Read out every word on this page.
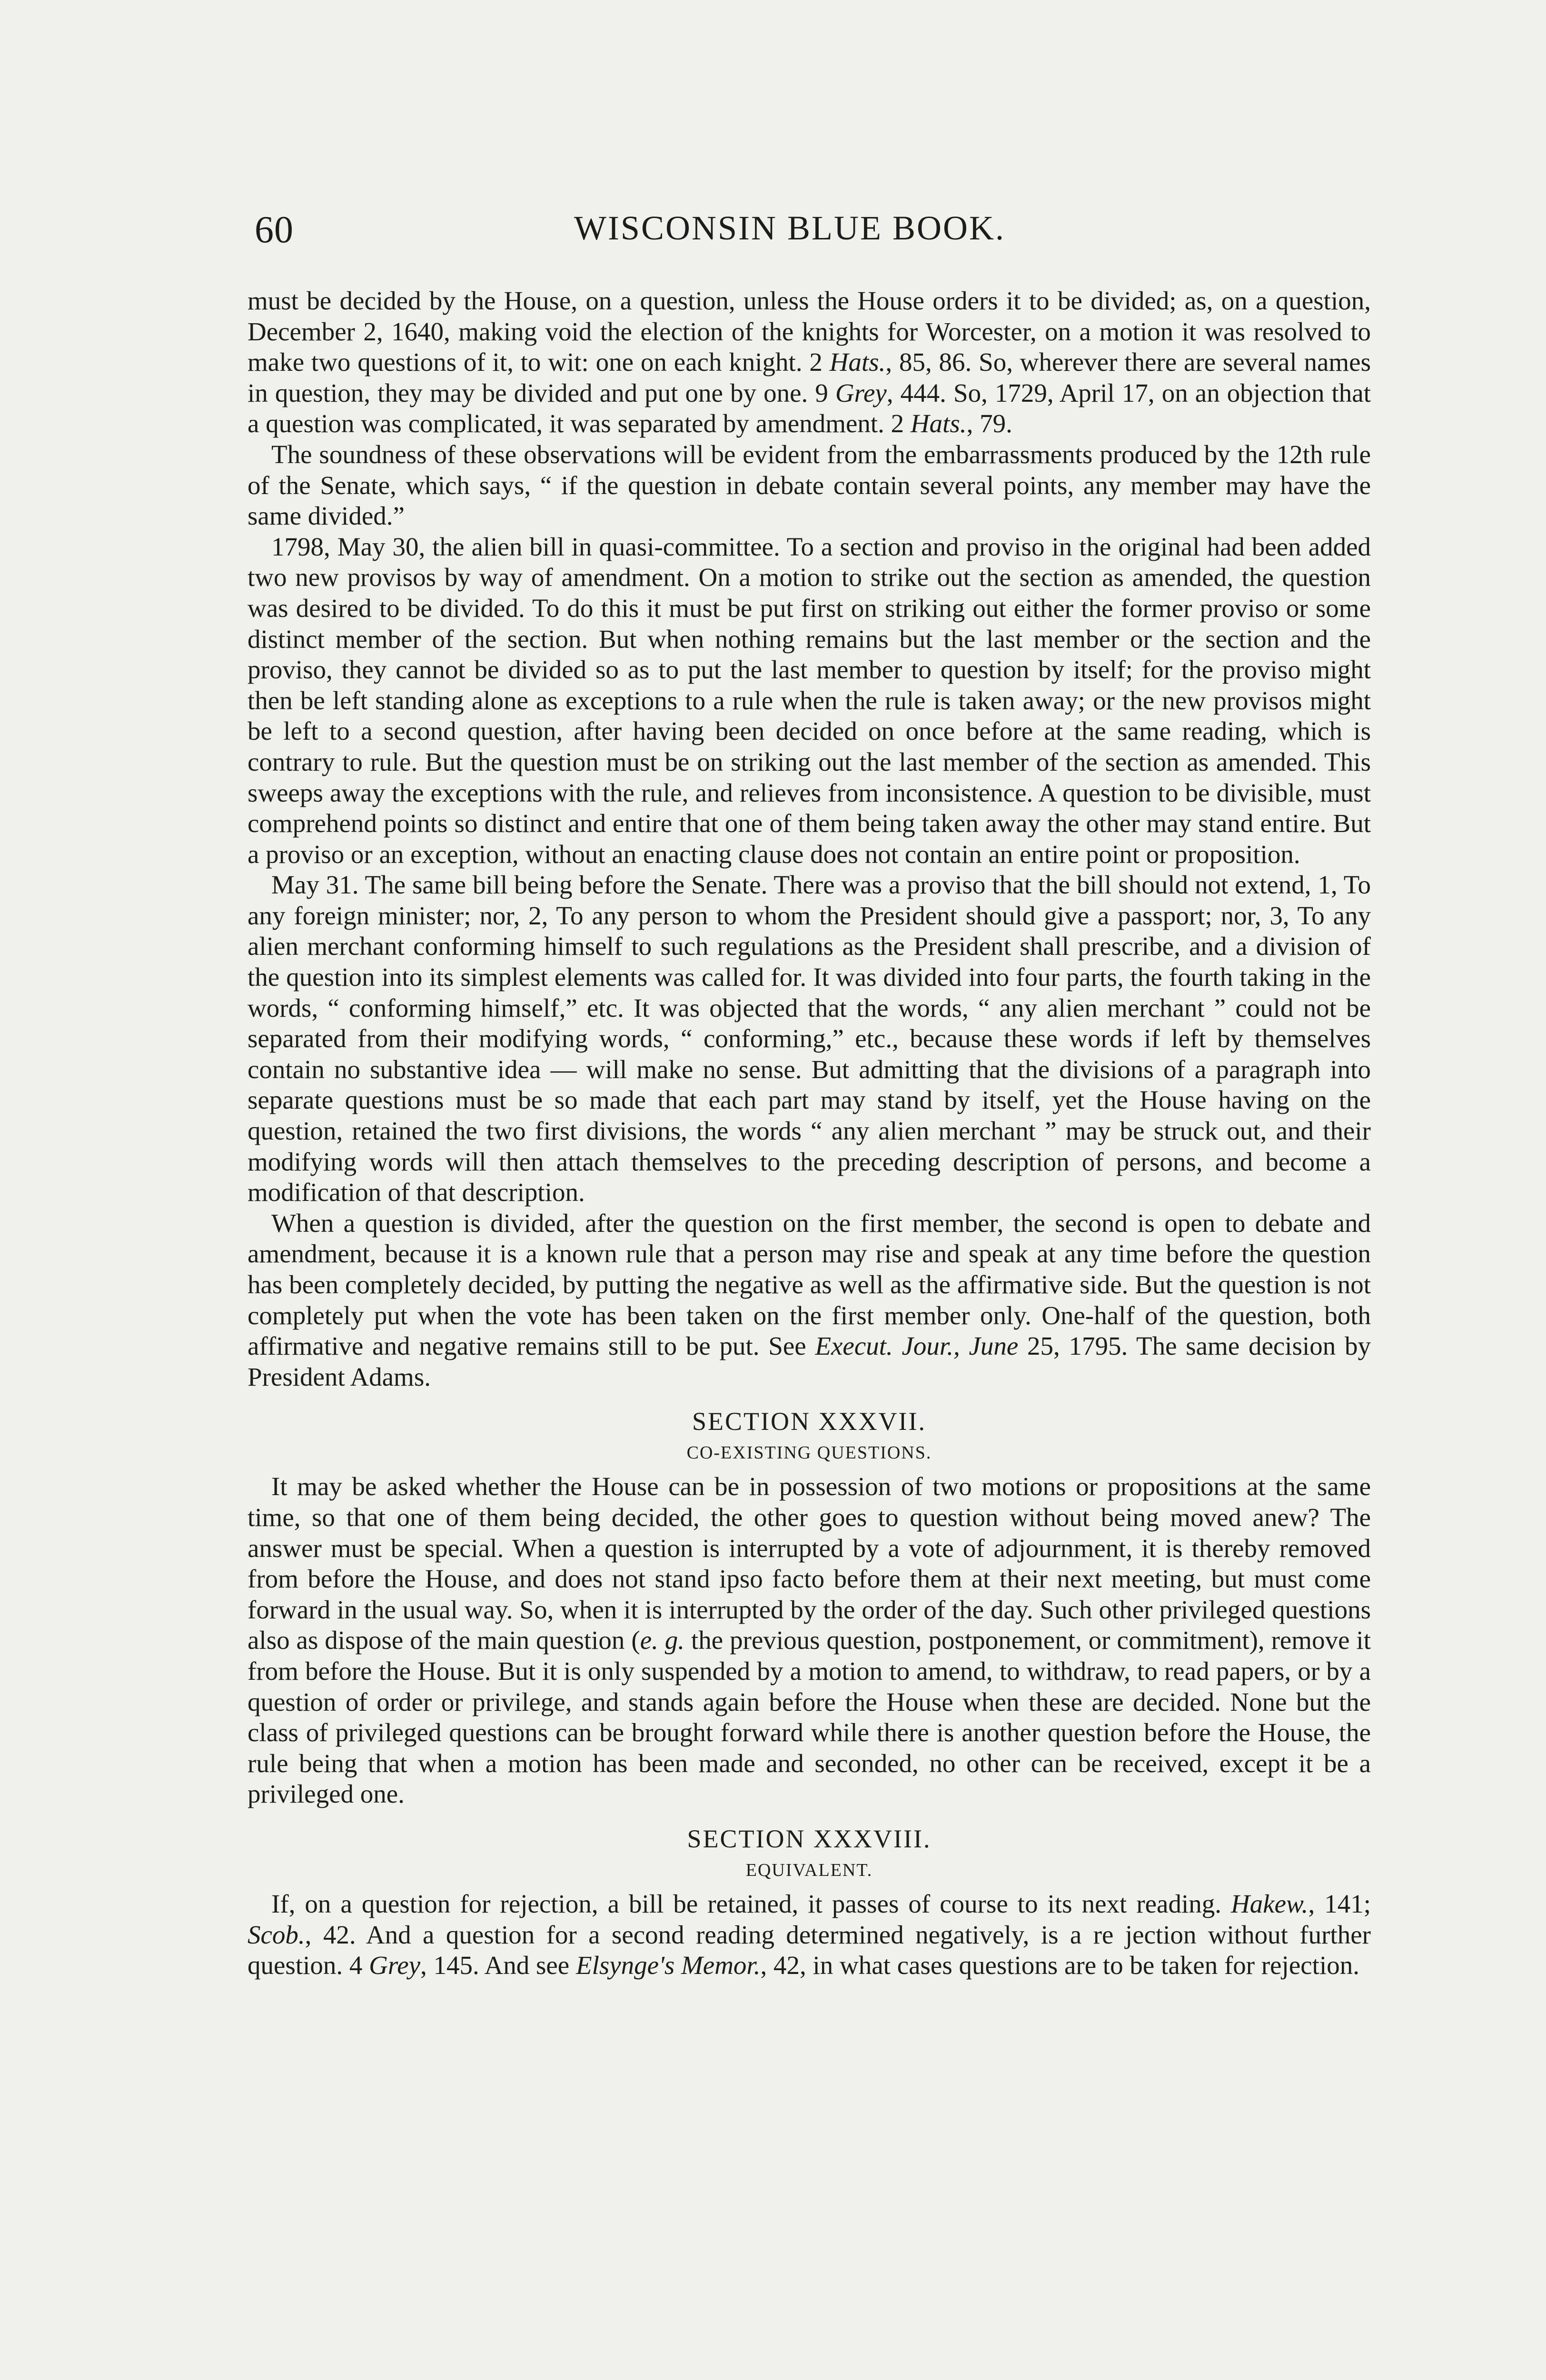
60	WISCONSIN BLUE BOOK.

must be decided by the House, on a question, unless the House orders it to be divided; as, on a question, December 2, 1640, making void the election of the knights for Worcester, on a motion it was resolved to make two questions of it, to wit: one on each knight. 2 Hats., 85, 86. So, wherever there are several names in question, they may be divided and put one by one. 9 Grey, 444. So, 1729, April 17, on an objection that a question was complicated, it was separated by amendment. 2 Hats., 79.

The soundness of these observations will be evident from the embarrassments produced by the 12th rule of the Senate, which says, “ if the question in debate contain several points, any member may have the same divided.”

1798, May 30, the alien bill in quasi-committee. To a section and proviso in the original had been added two new provisos by way of amendment. On a motion to strike out the section as amended, the question was desired to be divided. To do this it must be put first on striking out either the former proviso or some distinct member of the section. But when nothing remains but the last member or the section and the proviso, they cannot be divided so as to put the last member to question by itself; for the proviso might then be left standing alone as exceptions to a rule when the rule is taken away; or the new provisos might be left to a second question, after having been decided on once before at the same reading, which is contrary to rule. But the question must be on striking out the last member of the section as amended. This sweeps away the exceptions with the rule, and relieves from inconsistence. A question to be divisible, must comprehend points so distinct and entire that one of them being taken away the other may stand entire. But a proviso or an exception, without an enacting clause does not contain an entire point or proposition.

May 31. The same bill being before the Senate. There was a proviso that the bill should not extend, 1, To any foreign minister; nor, 2, To any person to whom the President should give a passport; nor, 3, To any alien merchant conforming himself to such regulations as the President shall prescribe, and a division of the question into its simplest elements was called for. It was divided into four parts, the fourth taking in the words, “ conforming himself,” etc. It was objected that the words, “ any alien merchant ” could not be separated from their modifying words, “ conforming,” etc., because these words if left by themselves contain no substantive idea — will make no sense. But admitting that the divisions of a paragraph into separate questions must be so made that each part may stand by itself, yet the House having on the question, retained the two first divisions, the words “ any alien merchant ” may be struck out, and their modifying words will then attach themselves to the preceding description of persons, and become a modification of that description.

When a question is divided, after the question on the first member, the second is open to debate and amendment, because it is a known rule that a person may rise and speak at any time before the question has been completely decided, by putting the negative as well as the affirmative side. But the question is not completely put when the vote has been taken on the first member only. One-half of the question, both affirmative and negative remains still to be put. See Execut. Jour., June 25, 1795. The same decision by President Adams.

SECTION XXXVII.
CO-EXISTING QUESTIONS.

It may be asked whether the House can be in possession of two motions or propositions at the same time, so that one of them being decided, the other goes to question without being moved anew? The answer must be special. When a question is interrupted by a vote of adjournment, it is thereby removed from before the House, and does not stand ipso facto before them at their next meeting, but must come forward in the usual way. So, when it is interrupted by the order of the day. Such other privileged questions also as dispose of the main question (e. g. the previous question, postponement, or commitment), remove it from before the House. But it is only suspended by a motion to amend, to withdraw, to read papers, or by a question of order or privilege, and stands again before the House when these are decided. None but the class of privileged questions can be brought forward while there is another question before the House, the rule being that when a motion has been made and seconded, no other can be received, except it be a privileged one.

SECTION XXXVIII.
EQUIVALENT.

If, on a question for rejection, a bill be retained, it passes of course to its next reading. Hakew., 141; Scob., 42. And a question for a second reading determined negatively, is a re jection without further question. 4 Grey, 145. And see Elsynge's Memor., 42, in what cases questions are to be taken for rejection.
